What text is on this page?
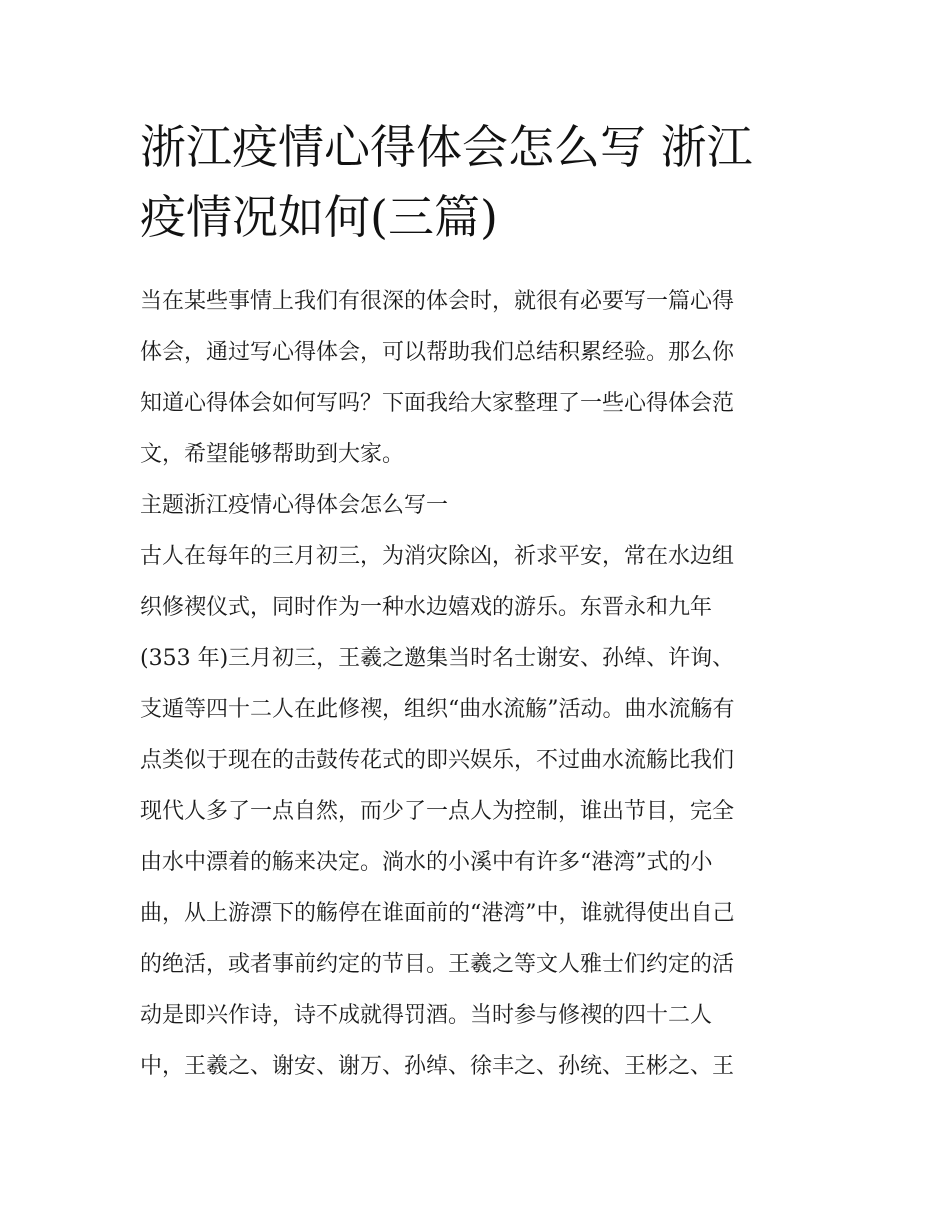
浙江疫情心得体会怎么写 浙江
疫情况如何(三篇)
当在某些事情上我们有很深的体会时，就很有必要写一篇心得
体会，通过写心得体会，可以帮助我们总结积累经验。那么你
知道心得体会如何写吗？下面我给大家整理了一些心得体会范
文，希望能够帮助到大家。
主题浙江疫情心得体会怎么写一
古人在每年的三月初三，为消灾除凶，祈求平安，常在水边组
织修禊仪式，同时作为一种水边嬉戏的游乐。东晋永和九年
(353 年)三月初三，王羲之邀集当时名士谢安、孙绰、许询、
支遁等四十二人在此修禊，组织“曲水流觞”活动。曲水流觞有
点类似于现在的击鼓传花式的即兴娱乐，不过曲水流觞比我们
现代人多了一点自然，而少了一点人为控制，谁出节目，完全
由水中漂着的觞来决定。淌水的小溪中有许多“港湾”式的小
曲，从上游漂下的觞停在谁面前的“港湾”中，谁就得使出自己
的绝活，或者事前约定的节目。王羲之等文人雅士们约定的活
动是即兴作诗，诗不成就得罚酒。当时参与修禊的四十二人
中，王羲之、谢安、谢万、孙绰、徐丰之、孙统、王彬之、王
